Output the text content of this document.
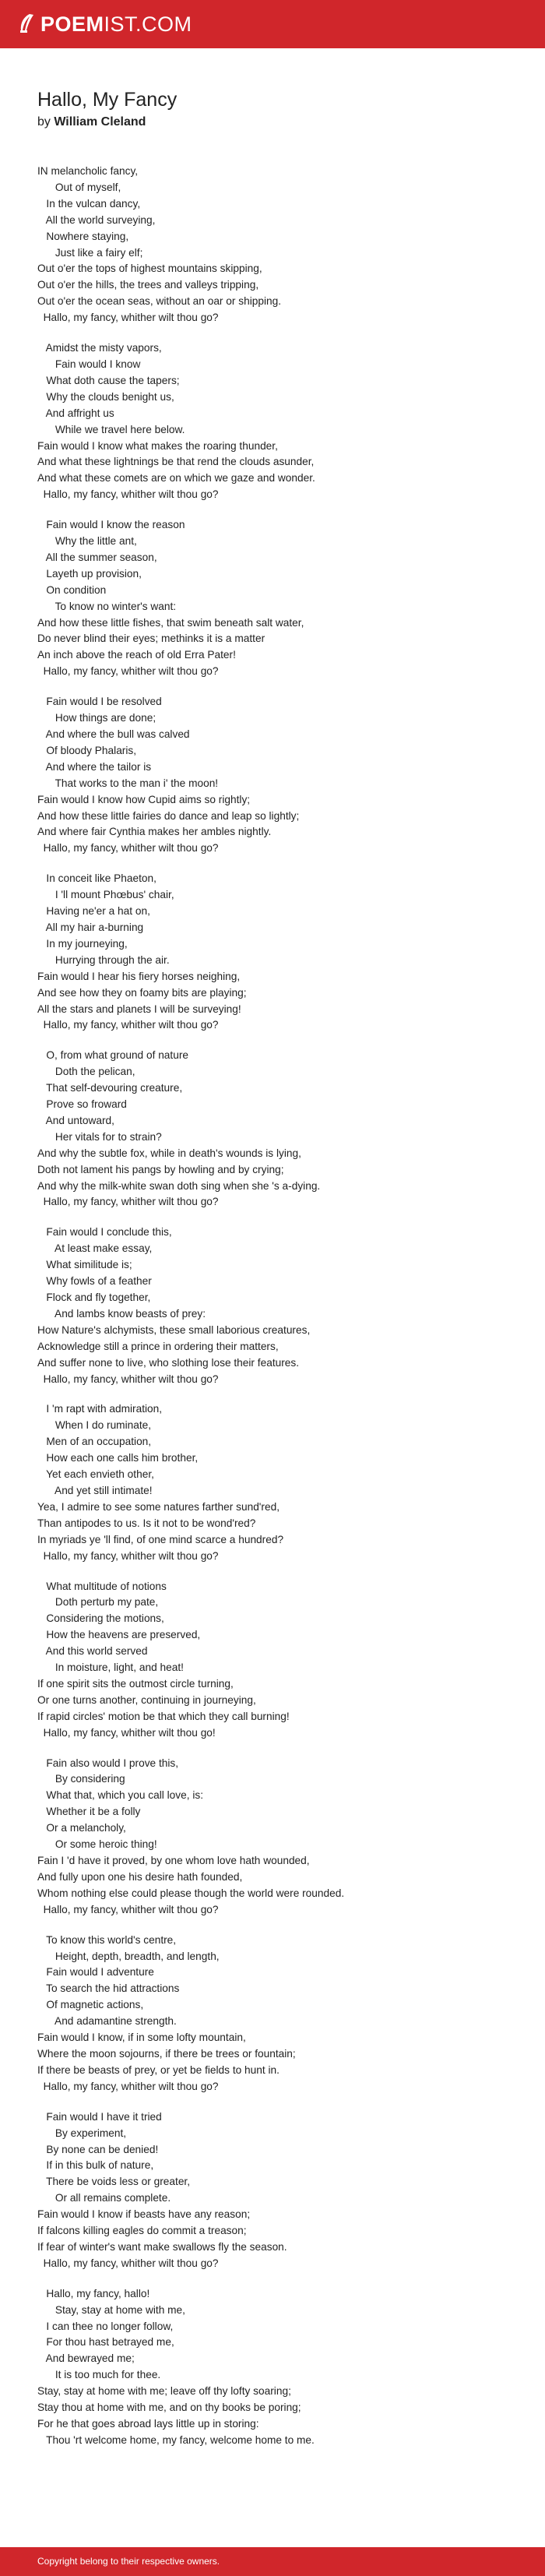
POEMIST.COM
Hallo, My Fancy
by William Cleland
IN melancholic fancy, 
Out of myself,
In the vulcan dancy, 
All the world surveying, 
Nowhere staying, 
Just like a fairy elf;
Out o'er the tops of highest mountains skipping, 
Out o'er the hills, the trees and valleys tripping, 
Out o'er the ocean seas, without an oar or shipping. 
Hallo, my fancy, whither wilt thou go?
Amidst the misty vapors, 
Fain would I know 
What doth cause the tapers; 
Why the clouds benight us, 
And affright us
While we travel here below. 
Fain would I know what makes the roaring thunder, 
And what these lightnings be that rend the clouds asunder, 
And what these comets are on which we gaze and wonder. 
Hallo, my fancy, whither wilt thou go? 
Fain would I know the reason 
Why the little ant, 
All the summer season, 
Layeth up provision, 
On condition 
To know no winter's want: 
And how these little fishes, that swim beneath salt water, 
Do never blind their eyes; methinks it is a matter 
An inch above the reach of old Erra Pater! 
Hallo, my fancy, whither wilt thou go?
Fain would I be resolved 
How things are done; 
And where the bull was calved 
Of bloody Phalaris, 
And where the tailor is 
That works to the man i' the moon! 
Fain would I know how Cupid aims so rightly; 
And how these little fairies do dance and leap so lightly; 
And where fair Cynthia makes her ambles nightly. 
Hallo, my fancy, whither wilt thou go?
In conceit like Phaeton, 
I 'll mount Phœbus' chair, 
Having ne'er a hat on, 
All my hair a-burning 
In my journeying, 
Hurrying through the air. 
Fain would I hear his fiery horses neighing, 
And see how they on foamy bits are playing; 
All the stars and planets I will be surveying! 
Hallo, my fancy, whither wilt thou go?
O, from what ground of nature 
Doth the pelican, 
That self-devouring creature, 
Prove so froward 
And untoward, 
Her vitals for to strain? 
And why the subtle fox, while in death's wounds is lying, 
Doth not lament his pangs by howling and by crying; 
And why the milk-white swan doth sing when she 's a-dying. 
Hallo, my fancy, whither wilt thou go?
Fain would I conclude this, 
At least make essay, 
What similitude is; 
Why fowls of a feather 
Flock and fly together, 
And lambs know beasts of prey: 
How Nature's alchymists, these small laborious creatures, 
Acknowledge still a prince in ordering their matters, 
And suffer none to live, who slothing lose their features. 
Hallo, my fancy, whither wilt thou go?
I 'm rapt with admiration, 
When I do ruminate, 
Men of an occupation, 
How each one calls him brother, 
Yet each envieth other,
And yet still intimate! 
Yea, I admire to see some natures farther sund'red, 
Than antipodes to us. Is it not to be wond'red? 
In myriads ye 'll find, of one mind scarce a hundred? 
Hallo, my fancy, whither wilt thou go?
What multitude of notions 
Doth perturb my pate, 
Considering the motions, 
How the heavens are preserved, 
And this world served 
In moisture, light, and heat! 
If one spirit sits the outmost circle turning, 
Or one turns another, continuing in journeying, 
If rapid circles' motion be that which they call burning! 
Hallo, my fancy, whither wilt thou go!
Fain also would I prove this, 
By considering 
What that, which you call love, is: 
Whether it be a folly 
Or a melancholy, 
Or some heroic thing! 
Fain I 'd have it proved, by one whom love hath wounded, 
And fully upon one his desire hath founded, 
Whom nothing else could please though the world were rounded. 
Hallo, my fancy, whither wilt thou go?
To know this world's centre, 
Height, depth, breadth, and length, 
Fain would I adventure 
To search the hid attractions 
Of magnetic actions, 
And adamantine strength. 
Fain would I know, if in some lofty mountain, 
Where the moon sojourns, if there be trees or fountain; 
If there be beasts of prey, or yet be fields to hunt in. 
Hallo, my fancy, whither wilt thou go?
Fain would I have it tried 
By experiment, 
By none can be denied! 
If in this bulk of nature, 
There be voids less or greater, 
Or all remains complete. 
Fain would I know if beasts have any reason; 
If falcons killing eagles do commit a treason; 
If fear of winter's want make swallows fly the season. 
Hallo, my fancy, whither wilt thou go?
Hallo, my fancy, hallo! 
Stay, stay at home with me, 
I can thee no longer follow, 
For thou hast betrayed me, 
And bewrayed me; 
It is too much for thee. 
Stay, stay at home with me; leave off thy lofty soaring; 
Stay thou at home with me, and on thy books be poring; 
For he that goes abroad lays little up in storing: 
Thou 'rt welcome home, my fancy, welcome home to me.
Copyright belong to their respective owners.
